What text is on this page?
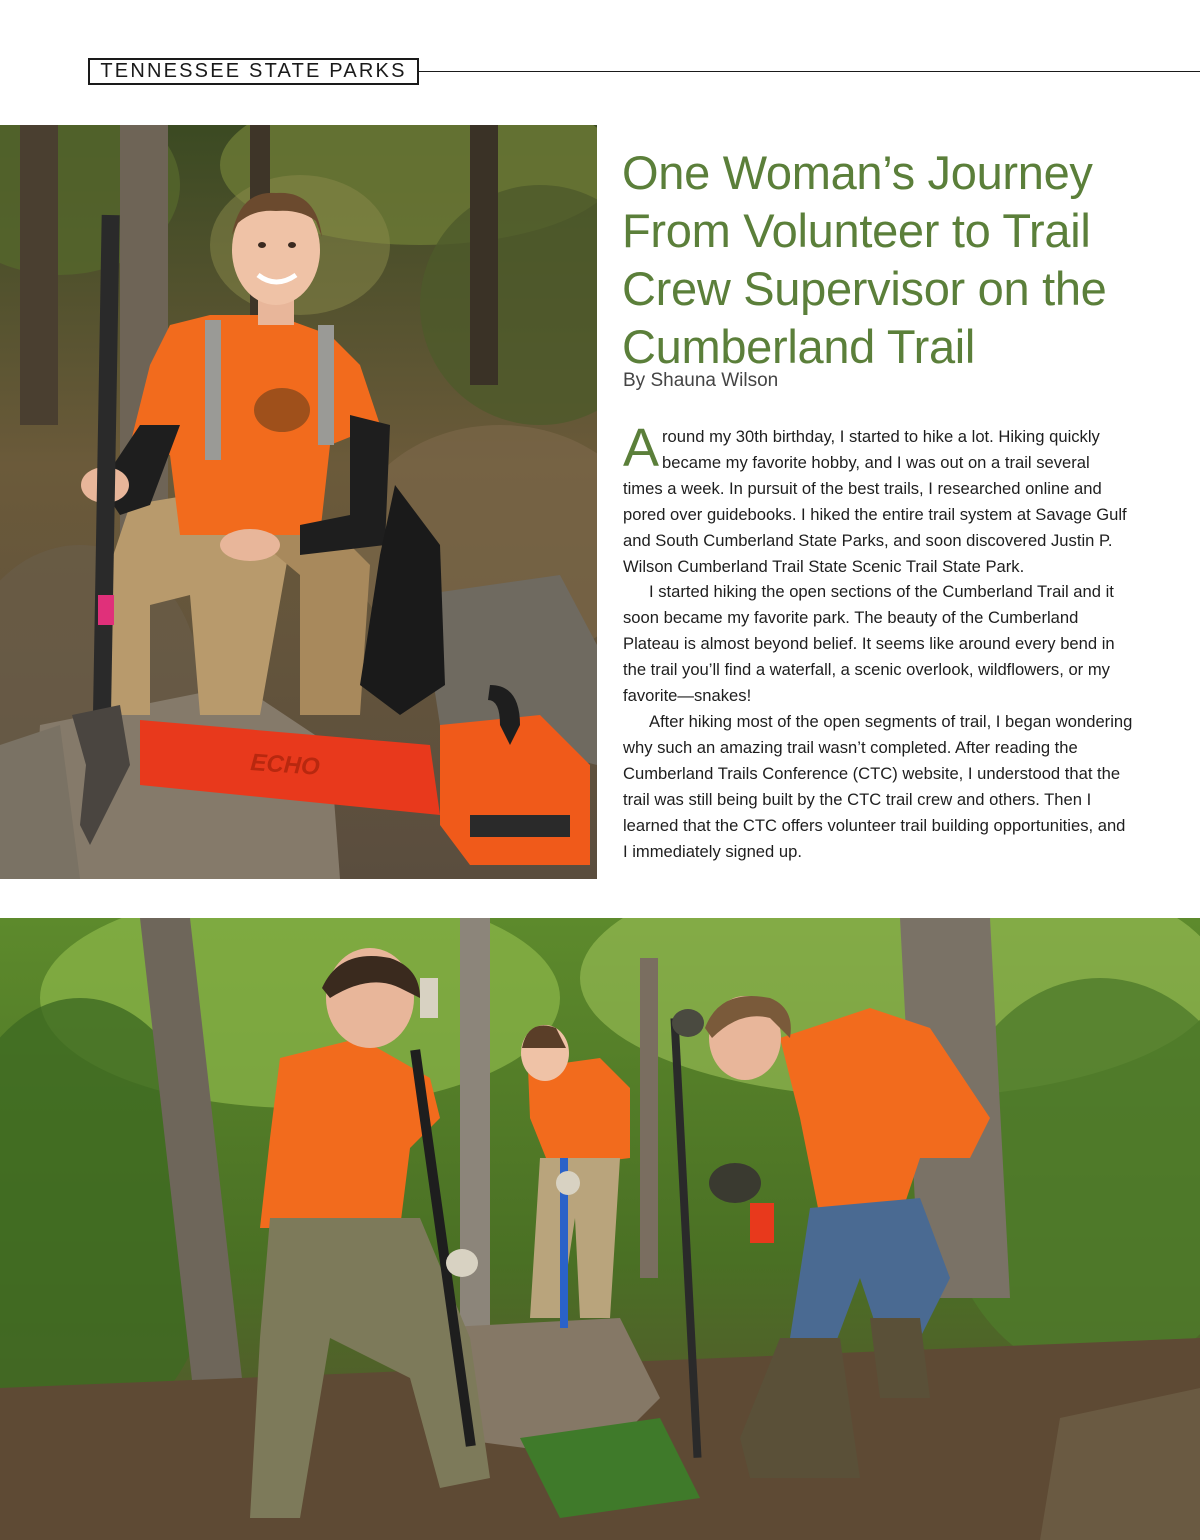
TENNESSEE STATE PARKS
ECHO
One Woman’s Journey From Volunteer to Trail Crew Supervisor on the Cumberland Trail
By Shauna Wilson

Around my 30th birthday, I started to hike a lot. Hiking quickly became my favorite hobby, and I was out on a trail several times a week. In pursuit of the best trails, I researched online and pored over guidebooks. I hiked the entire trail system at Savage Gulf and South Cumberland State Parks, and soon discovered Justin P. Wilson Cumberland Trail State Scenic Trail State Park.

I started hiking the open sections of the Cumberland Trail and it soon became my favorite park. The beauty of the Cumberland Plateau is almost beyond belief. It seems like around every bend in the trail you’ll find a waterfall, a scenic overlook, wildflowers, or my favorite—snakes!

After hiking most of the open segments of trail, I began wondering why such an amazing trail wasn’t completed. After reading the Cumberland Trails Conference (CTC) website, I understood that the trail was still being built by the CTC trail crew and others. Then I learned that the CTC offers volunteer trail building opportunities, and I immediately signed up.
